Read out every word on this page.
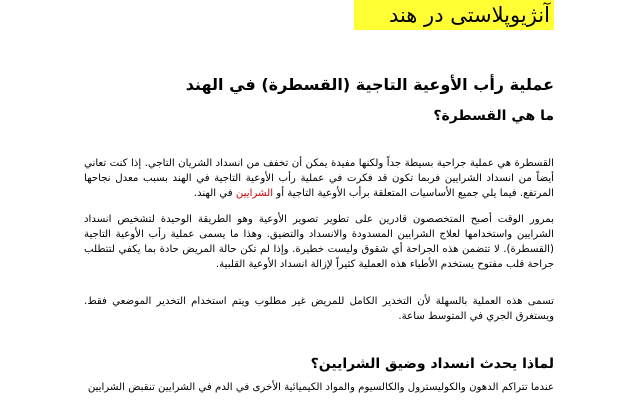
آنژیوپلاستی در هند
عملية رأب الأوعية التاجية (القسطرة) في الهند
ما هي القسطرة؟

القسطرة هي عملية جراحية بسيطة جداً ولكنها مفيدة يمكن أن تخفف من انسداد الشريان التاجي. إذا كنت تعاني أيضاً من انسداد الشرايين فربما تكون قد فكرت في عملية رأب الأوعية التاجية في الهند بسبب معدل نجاحها المرتفع. فيما يلي جميع الأساسيات المتعلقة برأب الأوعية التاجية أو الشرايين في الهند.

بمرور الوقت أصبح المتخصصون قادرين على تطوير تصوير الأوعية وهو الطريقة الوحيدة لتشخيص انسداد الشرايين واستخدامها لعلاج الشرايين المسدودة والانسداد والتضيق. وهذا ما يسمى عملية رأب الأوعية التاجية (القسطرة). لا تتضمن هذه الجراحة أي شقوق وليست خطيرة. وإذا لم تكن حالة المريض حادة بما يكفي لتتطلب جراحة قلب مفتوح يستخدم الأطباء هذه العملية كثيراً لإزالة انسداد الأوعية القلبية.

تسمى هذه العملية بالسهلة لأن التخدير الكامل للمريض غير مطلوب ويتم استخدام التخدير الموضعي فقط. ويستغرق الجري في المتوسط ساعة.

لماذا يحدث انسداد وضيق الشرايين؟

عندما تتراكم الدهون والكوليسترول والكالسيوم والمواد الكيميائية الأخرى في الدم في الشرايين تنقبض الشرايين
